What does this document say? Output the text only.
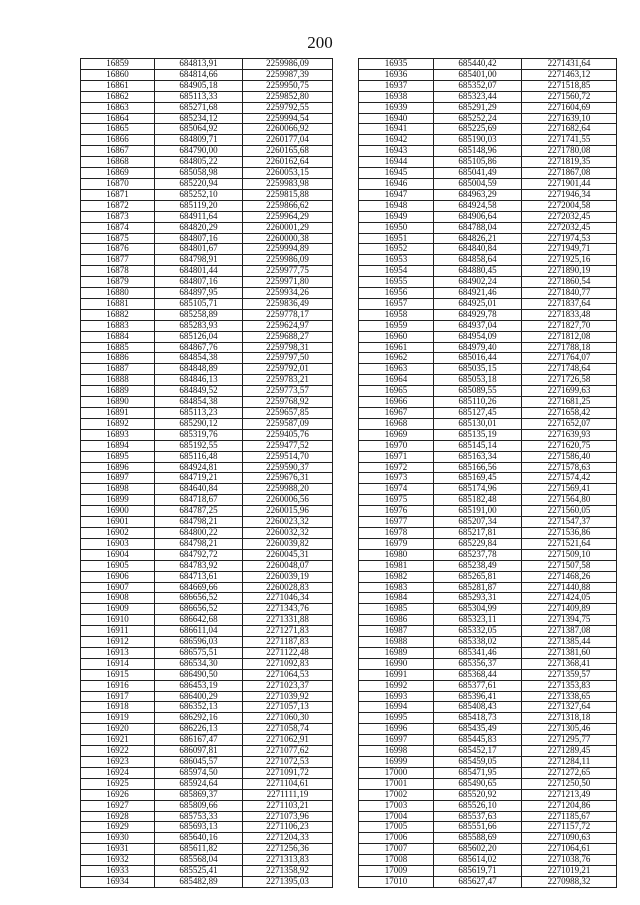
200
16859	684813,91	2259986,09
16860	684814,66	2259987,39
16861	684905,18	2259950,75
16862	685113,33	2259852,80
16863	685271,68	2259792,55
16864	685234,12	2259994,54
16865	685064,92	2260066,92
16866	684809,71	2260177,04
16867	684790,00	2260165,68
16868	684805,22	2260162,64
16869	685058,98	2260053,15
16870	685220,94	2259983,98
16871	685252,10	2259815,88
16872	685119,20	2259866,62
16873	684911,64	2259964,29
16874	684820,29	2260001,29
16875	684807,16	2260000,38
16876	684801,67	2259994,89
16877	684798,91	2259986,09
16878	684801,44	2259977,75
16879	684807,16	2259971,80
16880	684897,95	2259934,26
16881	685105,71	2259836,49
16882	685258,89	2259778,17
16883	685283,93	2259624,97
16884	685126,04	2259688,27
16885	684867,76	2259798,31
16886	684854,38	2259797,50
16887	684848,89	2259792,01
16888	684846,13	2259783,21
16889	684849,52	2259773,57
16890	684854,38	2259768,92
16891	685113,23	2259657,85
16892	685290,12	2259587,09
16893	685319,76	2259405,76
16894	685192,55	2259477,52
16895	685116,48	2259514,70
16896	684924,81	2259590,37
16897	684719,21	2259676,31
16898	684640,84	2259988,20
16899	684718,67	2260006,56
16900	684787,25	2260015,96
16901	684798,21	2260023,32
16902	684800,22	2260032,32
16903	684798,21	2260039,82
16904	684792,72	2260045,31
16905	684783,92	2260048,07
16906	684713,61	2260039,19
16907	684669,66	2260028,83
16908	686656,52	2271046,34
16909	686656,52	2271343,76
16910	686642,68	2271331,88
16911	686611,04	2271271,83
16912	686596,03	2271187,83
16913	686575,51	2271122,48
16914	686534,30	2271092,83
16915	686490,50	2271064,53
16916	686453,19	2271023,37
16917	686400,29	2271039,92
16918	686352,13	2271057,13
16919	686292,16	2271060,30
16920	686226,13	2271058,74
16921	686167,47	2271062,91
16922	686097,81	2271077,62
16923	686045,57	2271072,53
16924	685974,50	2271091,72
16925	685924,64	2271104,61
16926	685869,37	2271111,19
16927	685809,66	2271103,21
16928	685753,33	2271073,96
16929	685693,13	2271106,23
16930	685640,16	2271204,33
16931	685611,82	2271256,36
16932	685568,04	2271313,83
16933	685525,41	2271358,92
16934	685482,89	2271395,03
16935	685440,42	2271431,64
16936	685401,00	2271463,12
16937	685352,07	2271518,85
16938	685323,44	2271560,72
16939	685291,29	2271604,69
16940	685252,24	2271639,10
16941	685225,69	2271682,64
16942	685190,03	2271741,55
16943	685148,96	2271780,08
16944	685105,86	2271819,35
16945	685041,49	2271867,08
16946	685004,59	2271901,44
16947	684963,29	2271946,34
16948	684924,58	2272004,58
16949	684906,64	2272032,45
16950	684788,04	2272032,45
16951	684826,21	2271974,53
16952	684840,84	2271949,71
16953	684858,64	2271925,16
16954	684880,45	2271890,19
16955	684902,24	2271860,54
16956	684921,46	2271840,77
16957	684925,01	2271837,64
16958	684929,78	2271833,48
16959	684937,04	2271827,70
16960	684954,09	2271812,08
16961	684979,40	2271788,18
16962	685016,44	2271764,07
16963	685035,15	2271748,64
16964	685053,18	2271726,58
16965	685089,55	2271699,63
16966	685110,26	2271681,25
16967	685127,45	2271658,42
16968	685130,01	2271652,07
16969	685135,19	2271639,93
16970	685145,14	2271620,75
16971	685163,34	2271586,40
16972	685166,56	2271578,63
16973	685169,45	2271574,42
16974	685174,96	2271569,41
16975	685182,48	2271564,80
16976	685191,00	2271560,05
16977	685207,34	2271547,37
16978	685217,81	2271536,86
16979	685229,84	2271521,64
16980	685237,78	2271509,10
16981	685238,49	2271507,58
16982	685265,81	2271468,26
16983	685281,87	2271440,88
16984	685293,31	2271424,05
16985	685304,99	2271409,89
16986	685323,11	2271394,75
16987	685332,05	2271387,08
16988	685338,02	2271385,44
16989	685341,46	2271381,60
16990	685356,37	2271368,41
16991	685368,44	2271359,57
16992	685377,61	2271353,83
16993	685396,41	2271338,65
16994	685408,43	2271327,64
16995	685418,73	2271318,18
16996	685435,49	2271305,46
16997	685445,83	2271295,77
16998	685452,17	2271289,45
16999	685459,05	2271284,11
17000	685471,95	2271272,65
17001	685490,65	2271250,50
17002	685520,92	2271213,49
17003	685526,10	2271204,86
17004	685537,63	2271185,67
17005	685551,66	2271157,72
17006	685588,69	2271090,63
17007	685602,20	2271064,61
17008	685614,02	2271038,76
17009	685619,71	2271019,21
17010	685627,47	2270988,32
